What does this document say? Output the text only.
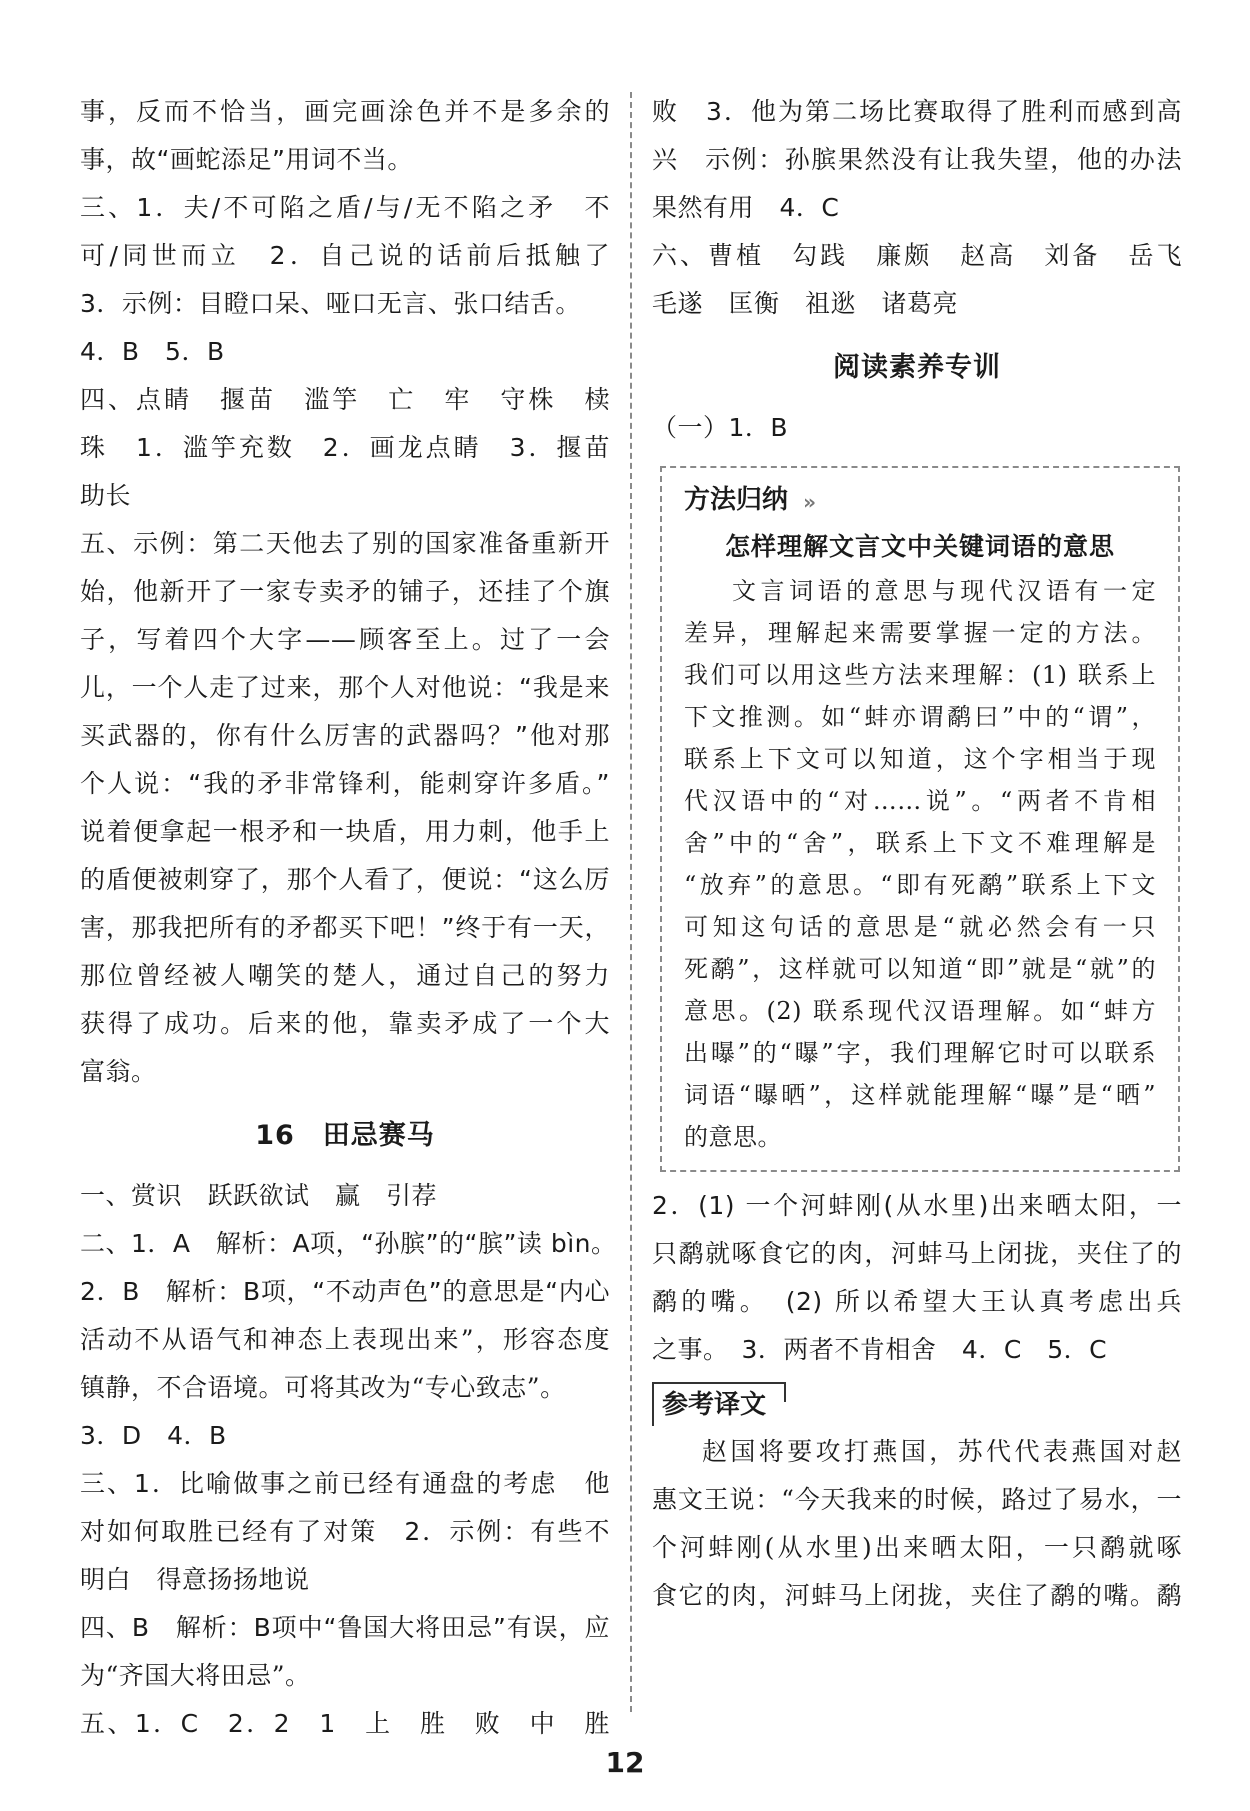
事，反而不恰当，画完画涂色并不是多余的
事，故“画蛇添足”用词不当。
三、1．夫/不可陷之盾/与/无不陷之矛　不
可/同世而立　2．自己说的话前后抵触了
3．示例：目瞪口呆、哑口无言、张口结舌。
4．B　5．B
四、点睛　揠苗　滥竽　亡　牢　守株　椟
珠　1．滥竽充数　2．画龙点睛　3．揠苗
助长
五、示例：第二天他去了别的国家准备重新开
始，他新开了一家专卖矛的铺子，还挂了个旗
子，写着四个大字——顾客至上。过了一会
儿，一个人走了过来，那个人对他说：“我是来
买武器的，你有什么厉害的武器吗？”他对那
个人说：“我的矛非常锋利，能刺穿许多盾。”
说着便拿起一根矛和一块盾，用力刺，他手上
的盾便被刺穿了，那个人看了，便说：“这么厉
害，那我把所有的矛都买下吧！”终于有一天，
那位曾经被人嘲笑的楚人，通过自己的努力
获得了成功。后来的他，靠卖矛成了一个大
富翁。
16　田忌赛马
一、赏识　跃跃欲试　赢　引荐
二、1．A　解析：A项，“孙膑”的“膑”读 bìn。
2．B　解析：B项，“不动声色”的意思是“内心
活动不从语气和神态上表现出来”，形容态度
镇静，不合语境。可将其改为“专心致志”。
3．D　4．B
三、1．比喻做事之前已经有通盘的考虑　他
对如何取胜已经有了对策　2．示例：有些不
明白　得意扬扬地说
四、B　解析：B项中“鲁国大将田忌”有误，应
为“齐国大将田忌”。
五、1．C　2．2　1　上　胜　败　中　胜
败　3．他为第二场比赛取得了胜利而感到高
兴　示例：孙膑果然没有让我失望，他的办法
果然有用　4．C
六、曹植　勾践　廉颇　赵高　刘备　岳飞
毛遂　匡衡　祖逖　诸葛亮
阅读素养专训
（一）1．B
方法归纳 »
怎样理解文言文中关键词语的意思
文言词语的意思与现代汉语有一定
差异，理解起来需要掌握一定的方法。
我们可以用这些方法来理解：(1) 联系上
下文推测。如“蚌亦谓鹬曰”中的“谓”，
联系上下文可以知道，这个字相当于现
代汉语中的“对……说”。“两者不肯相
舍”中的“舍”，联系上下文不难理解是
“放弃”的意思。“即有死鹬”联系上下文
可知这句话的意思是“就必然会有一只
死鹬”，这样就可以知道“即”就是“就”的
意思。(2) 联系现代汉语理解。如“蚌方
出曝”的“曝”字，我们理解它时可以联系
词语“曝晒”，这样就能理解“曝”是“晒”
的意思。
2．(1) 一个河蚌刚(从水里)出来晒太阳，一
只鹬就啄食它的肉，河蚌马上闭拢，夹住了的
鹬的嘴。　(2) 所以希望大王认真考虑出兵
之事。　3．两者不肯相舍　4．C　5．C
参考译文
赵国将要攻打燕国，苏代代表燕国对赵
惠文王说：“今天我来的时候，路过了易水，一
个河蚌刚(从水里)出来晒太阳，一只鹬就啄
食它的肉，河蚌马上闭拢，夹住了鹬的嘴。鹬
12
